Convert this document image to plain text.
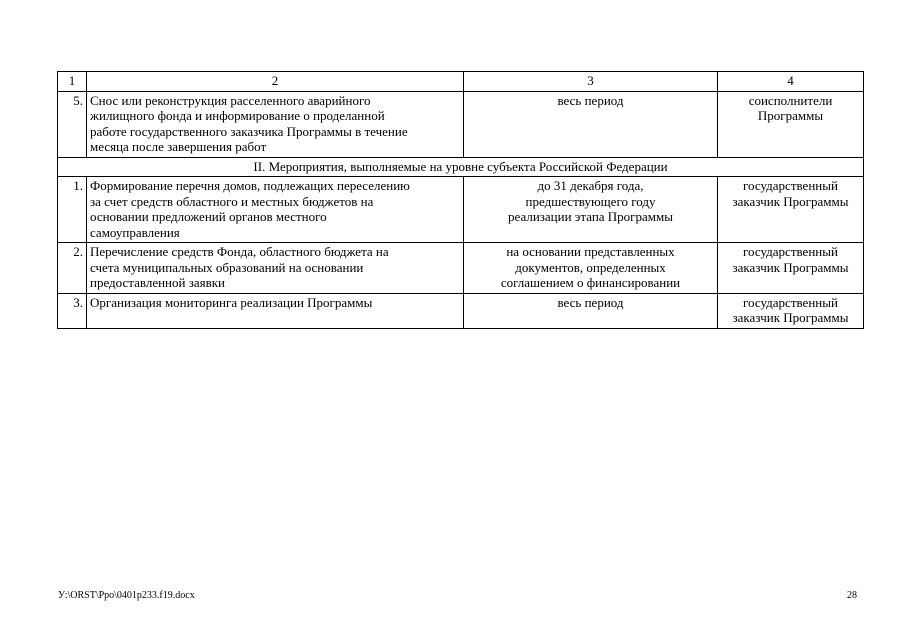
1	2	3	4
5.	Снос или реконструкция расселенного аварийного
жилищного фонда и информирование о проделанной
работе государственного заказчика Программы в течение
месяца после завершения работ	весь период	соисполнители
Программы

II. Мероприятия, выполняемые на уровне субъекта Российской Федерации			
1.	Формирование перечня домов, подлежащих переселению
за счет средств областного и местных бюджетов на
основании предложений органов местного
самоуправления	до 31 декабря года,
предшествующего году
реализации этапа Программы	государственный
заказчик Программы

2.	Перечисление средств Фонда, областного бюджета на
счета муниципальных образований на основании
предоставленной заявки	на основании представленных
документов, определенных
соглашением о финансировании	государственный
заказчик Программы

3.	Организация мониторинга реализации Программы	весь период	государственный
заказчик Программы
У:\ORST\Ppo\0401p233.f19.docx	28
